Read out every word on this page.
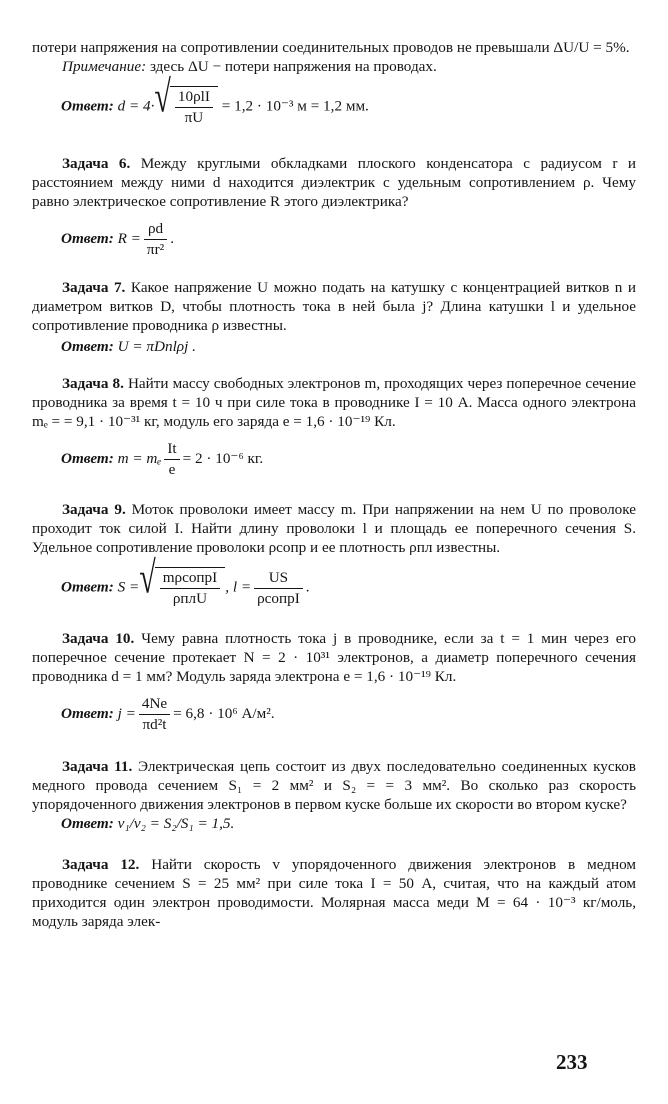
потери напряжения на сопротивлении соединительных проводов не превышали ΔU/U = 5%.

Примечание: здесь ΔU − потери напряжения на проводах.

Ответ: d = 4· √ $\frac{\text{10ρlI}}{\pi U} = 1,2 \cdot 10^{-3}$ м = 1,2 мм.

Задача 6. Между круглыми обкладками плоского конденсатора с радиусом r и расстоянием между ними d находится диэлектрик с удельным сопротивлением ρ. Чему равно электрическое сопротивление R этого диэлектрика?

Ответ: $R = \frac{\rho d}{\text{πr²}}$ .

Задача 7. Какое напряжение U можно подать на катушку с концентрацией витков n и диаметром витков D, чтобы плотность тока в ней была j? Длина катушки l и удельное сопротивление проводника ρ известны.

Ответ: U = πDnlρj .

Задача 8. Найти массу свободных электронов m, проходящих через поперечное сечение проводника за время t = 10 ч при силе тока в проводнике I = 10 А. Масса одного электрона mₑ = = 9,1 · 10⁻³¹ кг, модуль его заряда e = 1,6 · 10⁻¹⁹ Кл.

Ответ: m = mₑ $\frac{It}{e} = 2 \cdot 10^{-6}$ кг.

Задача 9. Моток проволоки имеет массу m. При напряжении на нем U по проволоке проходит ток силой I. Найти длину проволоки l и площадь ее поперечного сечения S. Удельное сопротивление проволоки ρсопр и ее плотность ρпл известны.

Ответ: S = √ $\frac{\text{mρсопрI}}{\text{ρплU}}$ , $l = \frac{US}{\text{ρсопрI}}$ .

Задача 10. Чему равна плотность тока j в проводнике, если за t = 1 мин через его поперечное сечение протекает N = 2 · 10³¹ электронов, а диаметр поперечного сечения проводника d = 1 мм? Модуль заряда электрона e = 1,6 · 10⁻¹⁹ Кл.

Ответ: $j = \frac{4Ne}{\text{πd²t}} = 6,8 \cdot 10^6$ А/м².

Задача 11. Электрическая цепь состоит из двух последовательно соединенных кусков медного провода сечением S₁ = 2 мм² и S₂ = = 3 мм². Во сколько раз скорость упорядоченного движения электронов в первом куске больше их скорости во втором куске?

Ответ: v₁/v₂ = S₂/S₁ = 1,5.

Задача 12. Найти скорость v упорядоченного движения электронов в медном проводнике сечением S = 25 мм² при силе тока I = 50 А, считая, что на каждый атом приходится один электрон проводимости. Молярная масса меди M = 64 · 10⁻³ кг/моль, модуль заряда элек-

233
